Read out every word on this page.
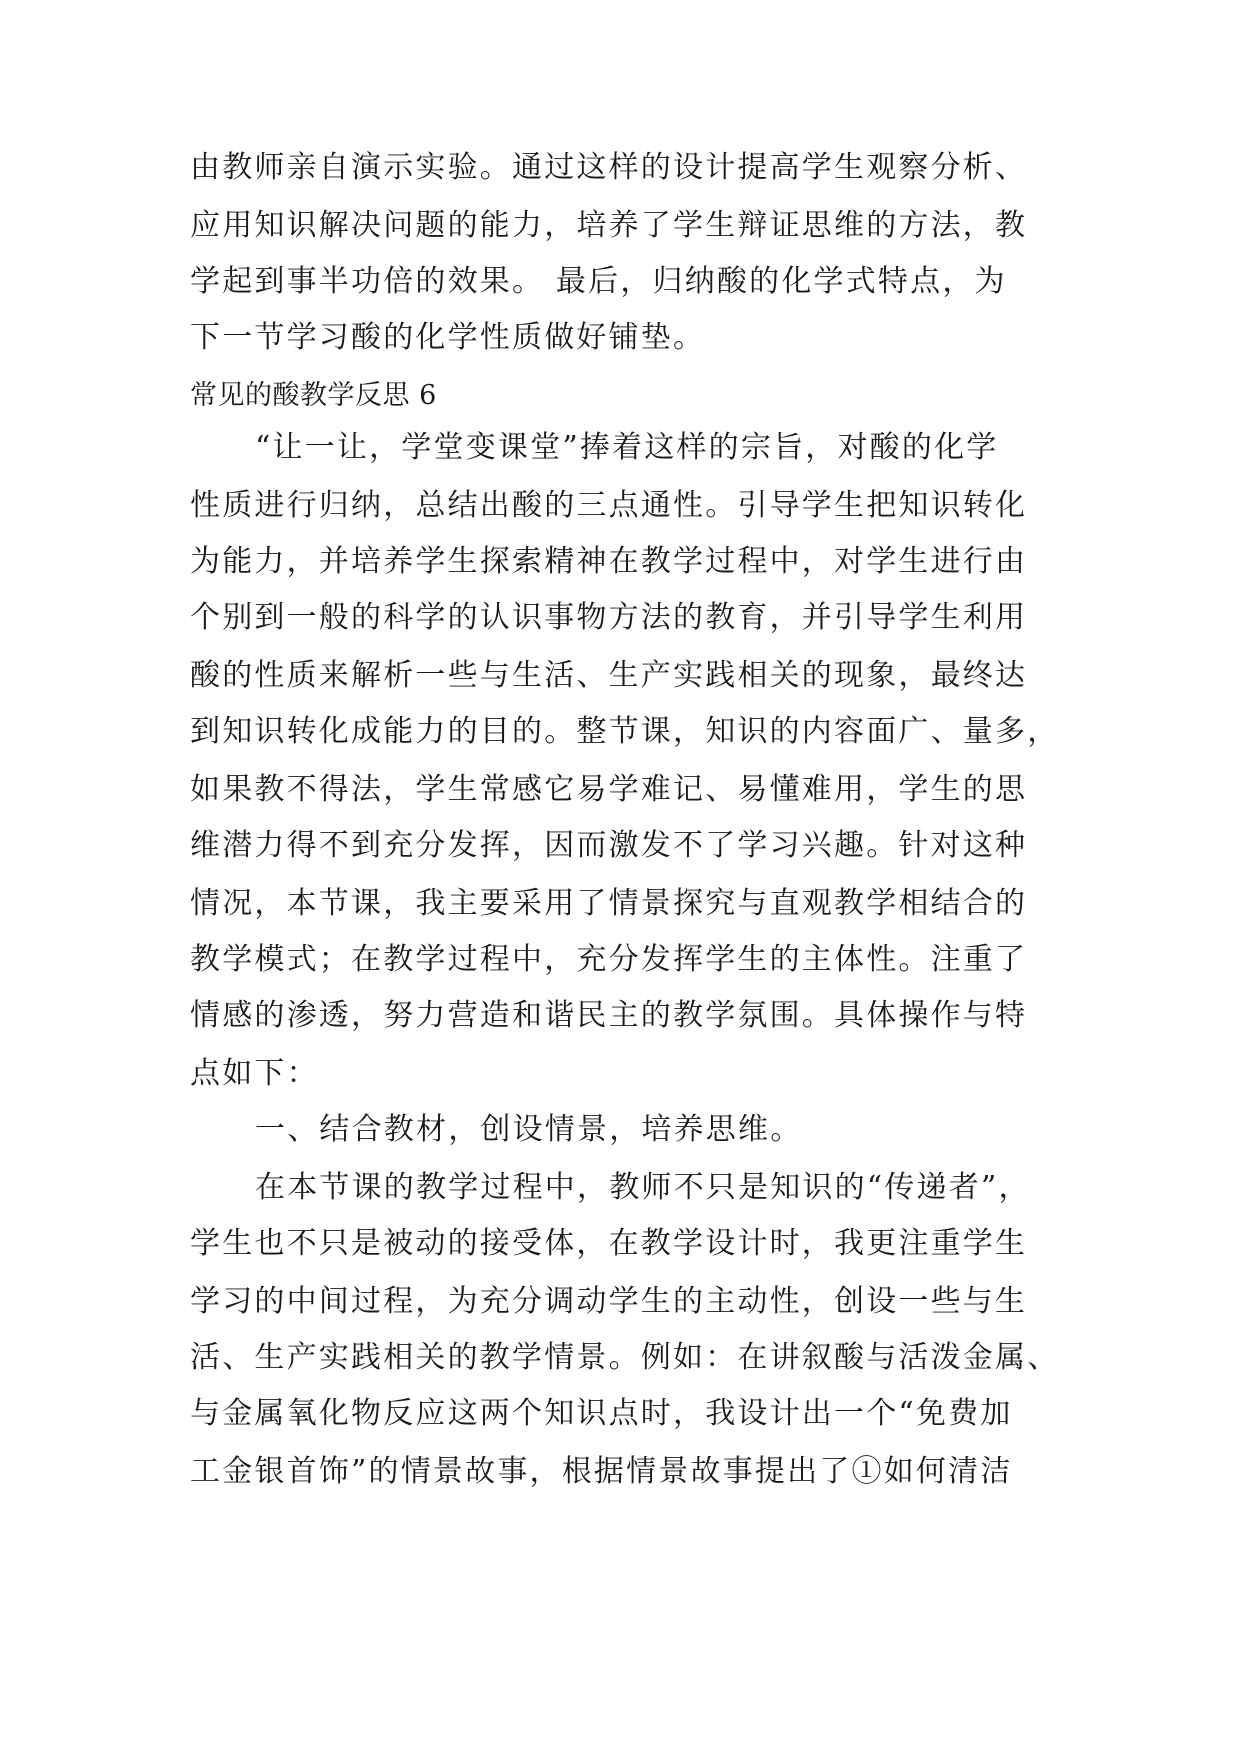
由教师亲自演示实验。通过这样的设计提高学生观察分析、
应用知识解决问题的能力，培养了学生辩证思维的方法，教
学起到事半功倍的效果。 最后，归纳酸的化学式特点，为
下一节学习酸的化学性质做好铺垫。
常见的酸教学反思 6
“让一让，学堂变课堂”捧着这样的宗旨，对酸的化学
性质进行归纳，总结出酸的三点通性。引导学生把知识转化
为能力，并培养学生探索精神在教学过程中，对学生进行由
个别到一般的科学的认识事物方法的教育，并引导学生利用
酸的性质来解析一些与生活、生产实践相关的现象，最终达
到知识转化成能力的目的。整节课，知识的内容面广、量多，
如果教不得法，学生常感它易学难记、易懂难用，学生的思
维潜力得不到充分发挥，因而激发不了学习兴趣。针对这种
情况，本节课，我主要采用了情景探究与直观教学相结合的
教学模式；在教学过程中，充分发挥学生的主体性。注重了
情感的渗透，努力营造和谐民主的教学氛围。具体操作与特
点如下：
一、结合教材，创设情景，培养思维。
在本节课的教学过程中，教师不只是知识的“传递者”，
学生也不只是被动的接受体，在教学设计时，我更注重学生
学习的中间过程，为充分调动学生的主动性，创设一些与生
活、生产实践相关的教学情景。例如：在讲叙酸与活泼金属、
与金属氧化物反应这两个知识点时，我设计出一个“免费加
工金银首饰”的情景故事，根据情景故事提出了①如何清洁
